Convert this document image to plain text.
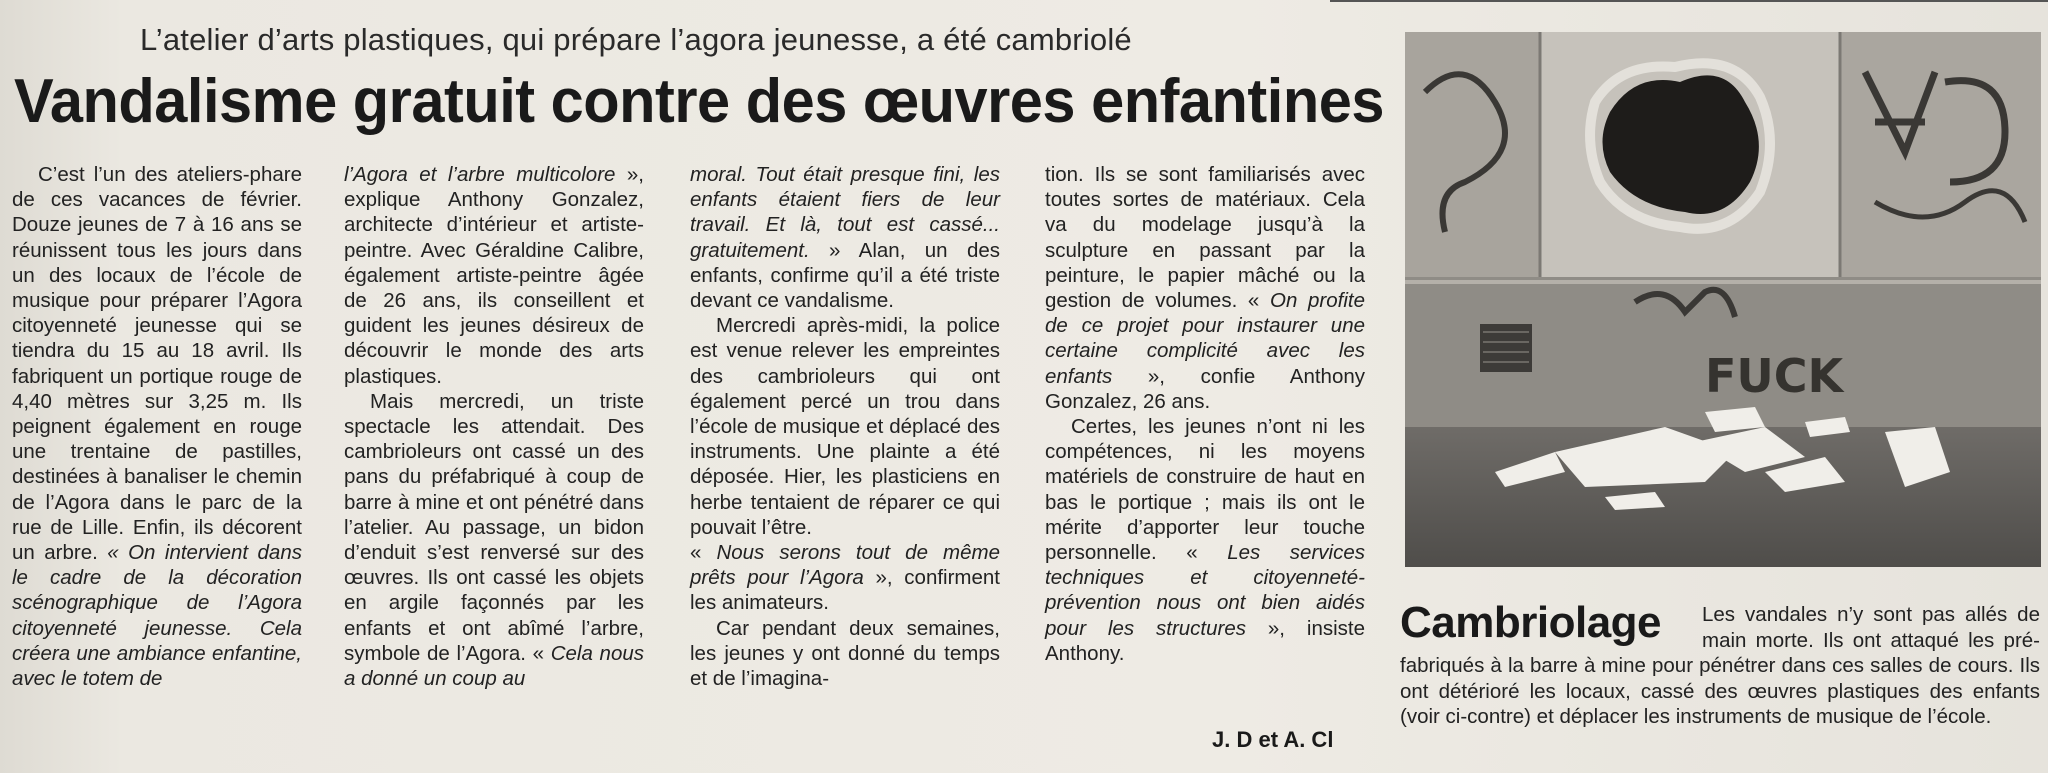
L’atelier d’arts plastiques, qui prépare l’agora jeunesse, a été cambriolé
Vandalisme gratuit contre des œuvres enfantines

C’est l’un des ateliers-phare de ces vacances de février. Douze jeunes de 7 à 16 ans se réunissent tous les jours dans un des locaux de l’école de musique pour préparer l’Agora citoyenneté jeunesse qui se tiendra du 15 au 18 avril. Ils fabriquent un portique rouge de 4,40 mètres sur 3,25 m. Ils peignent également en rouge une trentaine de pastilles, destinées à banaliser le chemin de l’Agora dans le parc de la rue de Lille. Enfin, ils décorent un arbre. « On intervient dans le cadre de la décoration scénographique de l’Agora citoyenneté jeunesse. Cela créera une ambiance enfantine, avec le totem de

l’Agora et l’arbre multicolore », explique Anthony Gonzalez, architecte d’intérieur et artiste-peintre. Avec Géraldine Calibre, également artiste-peintre âgée de 26 ans, ils conseillent et guident les jeunes désireux de découvrir le monde des arts plastiques.

Mais mercredi, un triste spectacle les attendait. Des cambrioleurs ont cassé un des pans du préfabriqué à coup de barre à mine et ont pénétré dans l’atelier. Au passage, un bidon d’enduit s’est renversé sur des œuvres. Ils ont cassé les objets en argile façonnés par les enfants et ont abîmé l’arbre, symbole de l’Agora. « Cela nous a donné un coup au

moral. Tout était presque fini, les enfants étaient fiers de leur travail. Et là, tout est cassé... gratuitement. » Alan, un des enfants, confirme qu’il a été triste devant ce vandalisme.

Mercredi après-midi, la police est venue relever les empreintes des cambrioleurs qui ont également percé un trou dans l’école de musique et déplacé des instruments. Une plainte a été déposée. Hier, les plasticiens en herbe tentaient de réparer ce qui pouvait l’être.

« Nous serons tout de même prêts pour l’Agora », confirment les animateurs.

Car pendant deux semaines, les jeunes y ont donné du temps et de l’imagina-

tion. Ils se sont familiarisés avec toutes sortes de matériaux. Cela va du modelage jusqu’à la sculpture en passant par la peinture, le papier mâché ou la gestion de volumes. « On profite de ce projet pour instaurer une certaine complicité avec les enfants », confie Anthony Gonzalez, 26 ans.

Certes, les jeunes n’ont ni les compétences, ni les moyens matériels de construire de haut en bas le portique ; mais ils ont le mérite d’apporter leur touche personnelle. « Les services techniques et citoyenneté-prévention nous ont bien aidés pour les structures », insiste Anthony.

J. D et A. Cl
FUCK
Cambriolage	Les vandales n’y sont pas allés de main morte. Ils ont attaqué les pré-fabriqués à la barre à mine pour pénétrer dans ces salles de cours. Ils ont détérioré les locaux, cassé des œuvres plastiques des enfants (voir ci-contre) et déplacer les instruments de musique de l’école.
